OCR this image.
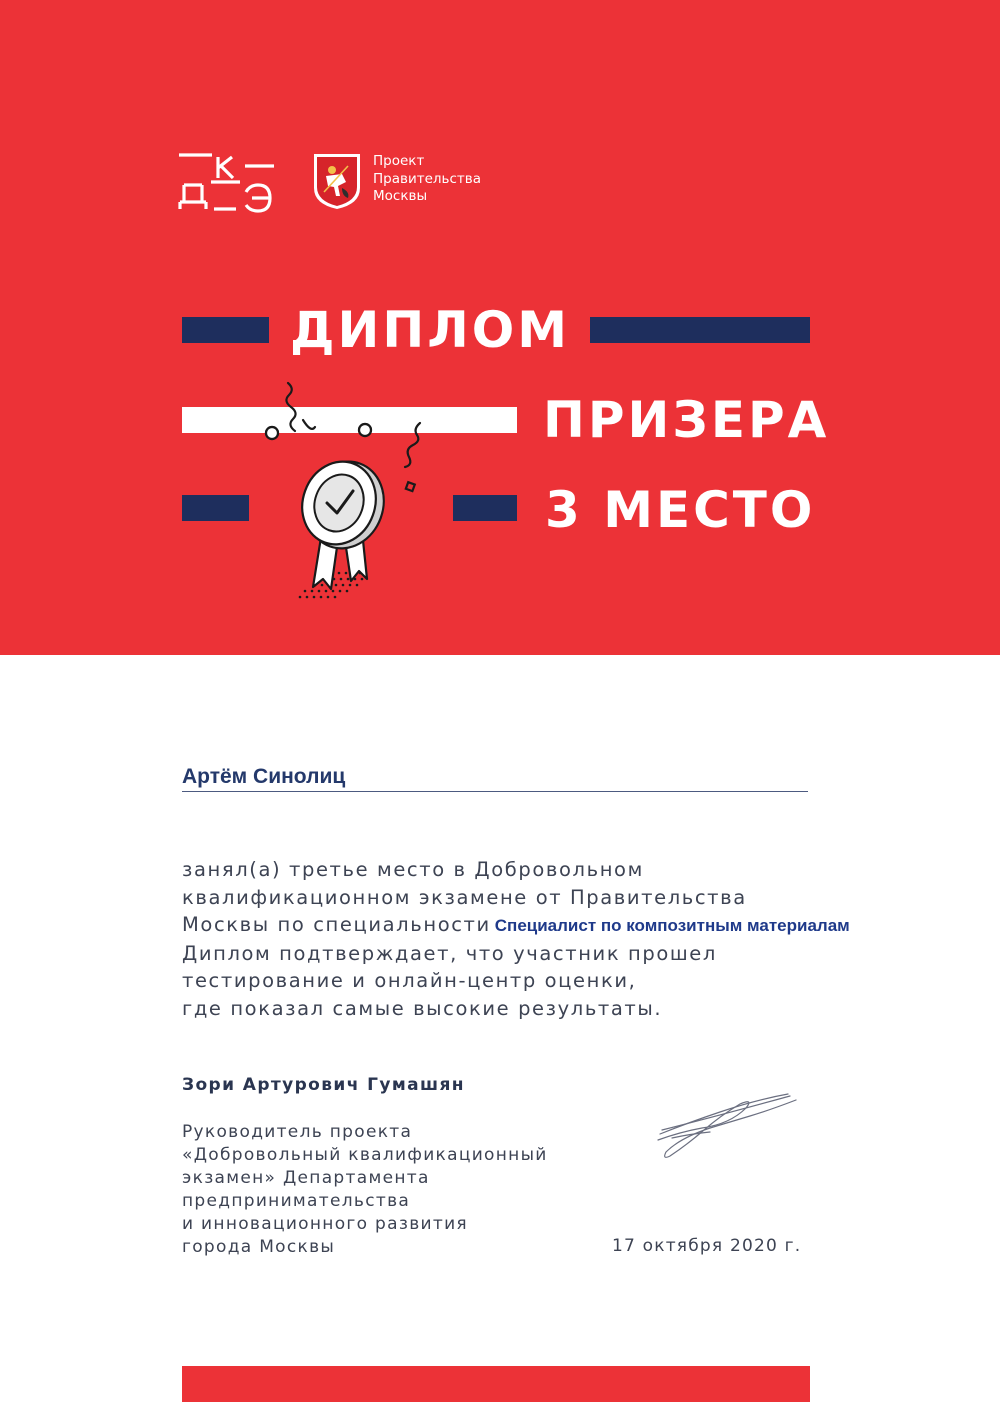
Проект
Правительства
Москвы
ДИПЛОМ
ПРИЗЕРА
3 МЕСТО
Артём Синолиц
занял(а) третье место в Добровольном
квалификационном экзамене от Правительства
Москвы по специальности Специалист по композитным материалам
Диплом подтверждает, что участник прошел
тестирование и онлайн-центр оценки,
где показал самые высокие результаты.
Зори Артурович Гумашян
Руководитель проекта
«Добровольный квалификационный
экзамен» Департамента
предпринимательства
и инновационного развития
города Москвы	17 октября 2020 г.
